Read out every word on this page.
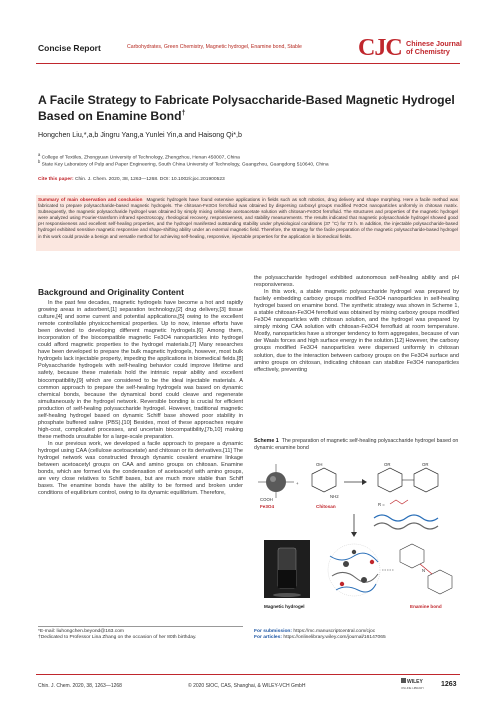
Concise Report	Carbohydrates, Green Chemistry, Magnetic hydrogel, Enamine bond, Stable CJC Chinese Journal
of Chemistry
A Facile Strategy to Fabricate Polysaccharide-Based Magnetic Hydrogel
Based on Enamine Bond†
Hongchen Liu,*,a,b Jingru Yang,a Yunlei Yin,a and Haisong Qi*,b
$^a$ College of Textiles, Zhongyuan University of Technology, Zhengzhou, Henan 450007, China
$^b$ State Key Laboratory of Pulp and Paper Engineering, South China University of Technology, Guangzhou, Guangdong 510640, China
Cite this paper: Chin. J. Chem. 2020, 38, 1263—1268. DOI: 10.1002/cjoc.201900523
Summary of main observation and conclusion Magnetic hydrogels have found extensive applications in fields such as soft robotics, drug delivery and shape morphing. Here a facile method was fabricated to prepare polysaccharide-based magnetic hydrogels. The chitosan-Fe3O4 ferrofluid was obtained by dispersing carboxyl groups modified Fe3O4 nanoparticles uniformly in chitosan matrix. Subsequently, the magnetic polysaccharide hydrogel was obtained by simply mixing cellulose acetoacetate solution with chitosan-Fe3O4 ferrofluid. The structures and properties of the magnetic hydrogel were analyzed using Fourier-transform infrared spectroscopy, rheological recovery, responsiveness, and stability measurements. The results indicated that magnetic polysaccharide hydrogel showed good pH responsiveness and excellent self-healing properties, and the hydrogel manifested outstanding stability under physiological conditions (37 °C) for 72 h. In addition, the injectable polysaccharide-based hydrogel exhibited sensitive magnetic responsive and shape-shifting ability under an external magnetic field. Therefore, the strategy for the facile preparation of the magnetic polysaccharide-based hydrogel in this work could provide a benign and versatile method for achieving self-healing, responsive, injectable properties for the application in biomedical fields.
Background and Originality Content

In the past few decades, magnetic hydrogels have become a hot and rapidly growing areas in adsorbent,[1] separation technology,[2] drug delivery,[3] tissue culture,[4] and some current and potential applications,[5] owing to the excellent remote controllable physicochemical properties. Up to now, intense efforts have been devoted to developing different magnetic hydrogels.[6] Among them, incorporation of the biocompatible magnetic Fe3O4 nanoparticles into hydrogel could afford magnetic properties to the hydrogel materials.[7] Many researches have been developed to prepare the bulk magnetic hydrogels, however, most bulk hydrogels lack injectable property, impeding the applications in biomedical fields.[8] Polysaccharide hydrogels with self-healing behavior could improve lifetime and safety, because these materials hold the intrinsic repair ability and excellent biocompatibility,[9] which are considered to be the ideal injectable materials. A common approach to prepare the self-healing hydrogels was based on dynamic chemical bonds, because the dynamical bond could cleave and regenerate simultaneously in the hydrogel network. Reversible bonding is crucial for efficient production of self-healing polysaccharide hydrogel. However, traditional magnetic self-healing hydrogel based on dynamic Schiff base showed poor stability in phosphate buffered saline (PBS).[10] Besides, most of these approaches require high-cost, complicated processes, and uncertain biocompatibility,[7b,10] making these methods unsuitable for a large-scale preparation.

In our previous work, we developed a facile approach to prepare a dynamic hydrogel using CAA (cellulose acetoacetate) and chitosan or its derivatives.[11] The hydrogel network was constructed through dynamic covalent enamine linkage between acetoacetyl groups on CAA and amino groups on chitosan. Enamine bonds, which are formed via the condensation of acetoacetyl with amino groups, are very close relatives to Schiff bases, but are much more stable than Schiff bases. The enamine bonds have the ability to be formed and broken under conditions of equilibrium control, owing to its dynamic equilibrium. Therefore,

the polysaccharide hydrogel exhibited autonomous self-healing ability and pH responsiveness.

In this work, a stable magnetic polysaccharide hydrogel was prepared by facilely embedding carboxy groups modified Fe3O4 nanoparticles in self-healing hydrogel based on enamine bond. The synthetic strategy was shown in Scheme 1, a stable chitosan-Fe3O4 ferrofluid was obtained by mixing carboxy groups modified Fe3O4 nanoparticles with chitosan solution, and the hydrogel was prepared by simply mixing CAA solution with chitosan-Fe3O4 ferrofluid at room temperature. Mostly, nanoparticles have a stronger tendency to form aggregates, because of van der Waals forces and high surface energy in the solution.[12] However, the carboxy groups modified Fe3O4 nanoparticles were dispersed uniformly in chitosan solution, due to the interaction between carboxy groups on the Fe3O4 surface and amino groups on chitosan, indicating chitosan can stabilize Fe3O4 nanoparticles effectively, preventing

Scheme 1 The preparation of magnetic self-healing polysaccharide hydrogel based on dynamic enamine bond
COOH
Fe3O4
+
OH
NH2
Chitosan
OR	OR
R =
Magnetic hydrogel
N
Enamine bond
*E-mail: liuhongchen.beyond@163.com
†Dedicated to Professor Lina Zhang on the occasion of her 80th birthday.
For submission: https://mc.manuscriptcentral.com/cjoc
For articles: https://onlinelibrary.wiley.com/journal/16147065
Chin. J. Chem. 2020, 38, 1263—1268	© 2020 SIOC, CAS, Shanghai, & WILEY-VCH GmbH
WILEY
ONLINE LIBRARY 1263
